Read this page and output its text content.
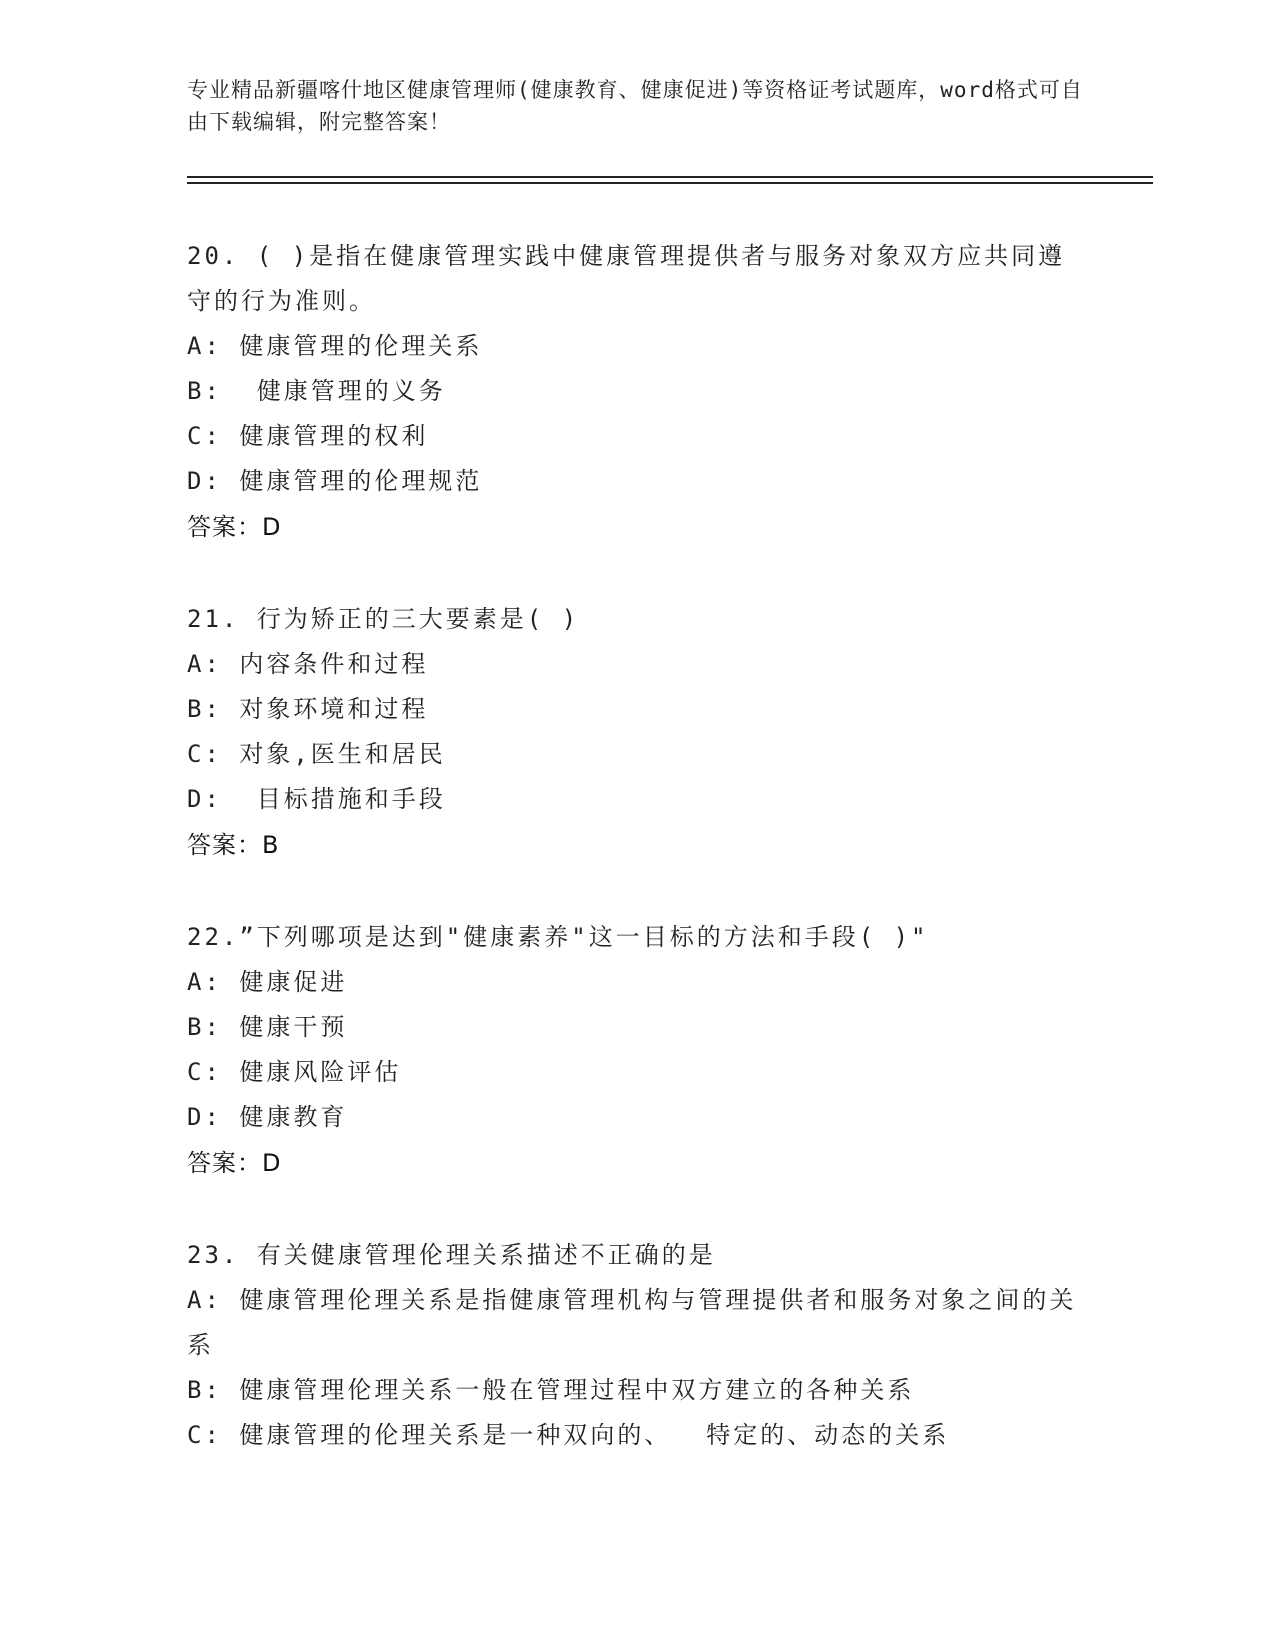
专业精品新疆喀什地区健康管理师(健康教育、健康促进)等资格证考试题库，word格式可自由下载编辑，附完整答案！
20. ( )是指在健康管理实践中健康管理提供者与服务对象双方应共同遵守的行为准则。
A: 健康管理的伦理关系
B:  健康管理的义务
C: 健康管理的权利
D: 健康管理的伦理规范
答案：D
21. 行为矫正的三大要素是( )
A: 内容条件和过程
B: 对象环境和过程
C: 对象,医生和居民
D:  目标措施和手段
答案：B
22.”下列哪项是达到"健康素养"这一目标的方法和手段( )"
A: 健康促进
B: 健康干预
C: 健康风险评估
D: 健康教育
答案：D
23. 有关健康管理伦理关系描述不正确的是
A: 健康管理伦理关系是指健康管理机构与管理提供者和服务对象之间的关系
B: 健康管理伦理关系一般在管理过程中双方建立的各种关系
C: 健康管理的伦理关系是一种双向的、  特定的、动态的关系
